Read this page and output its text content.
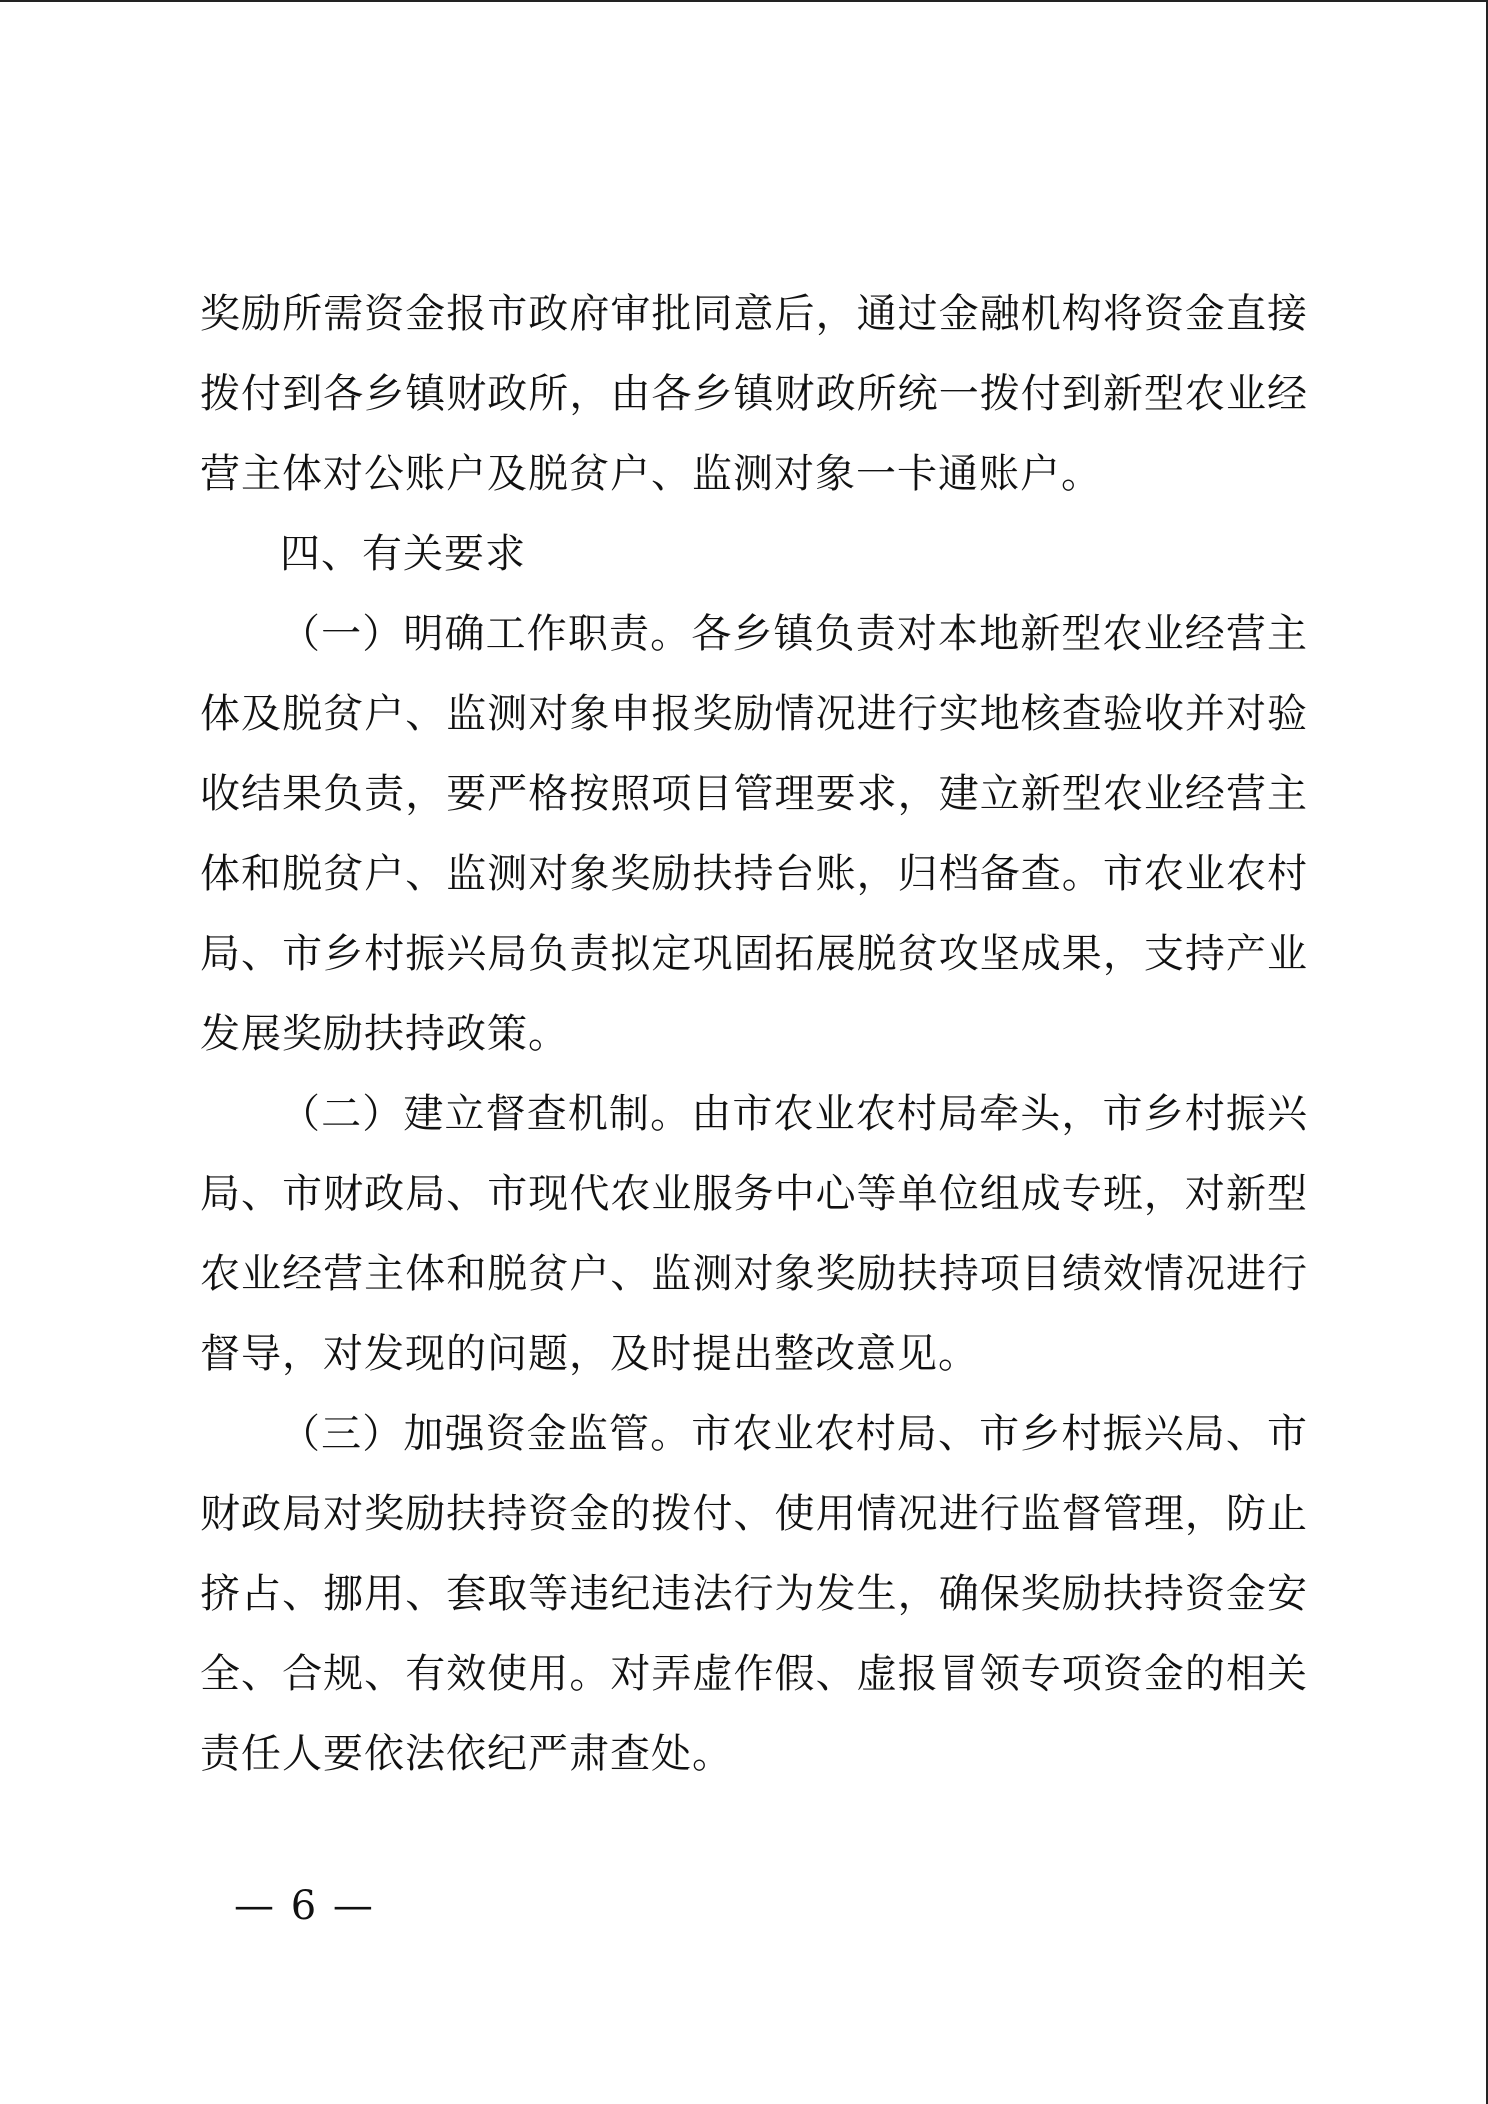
奖励所需资金报市政府审批同意后，通过金融机构将资金直接拨付到各乡镇财政所，由各乡镇财政所统一拨付到新型农业经营主体对公账户及脱贫户、监测对象一卡通账户。

四、有关要求

（一）明确工作职责。各乡镇负责对本地新型农业经营主体及脱贫户、监测对象申报奖励情况进行实地核查验收并对验收结果负责，要严格按照项目管理要求，建立新型农业经营主体和脱贫户、监测对象奖励扶持台账，归档备查。市农业农村局、市乡村振兴局负责拟定巩固拓展脱贫攻坚成果，支持产业发展奖励扶持政策。

（二）建立督查机制。由市农业农村局牵头，市乡村振兴局、市财政局、市现代农业服务中心等单位组成专班，对新型农业经营主体和脱贫户、监测对象奖励扶持项目绩效情况进行督导，对发现的问题，及时提出整改意见。

（三）加强资金监管。市农业农村局、市乡村振兴局、市财政局对奖励扶持资金的拨付、使用情况进行监督管理，防止挤占、挪用、套取等违纪违法行为发生，确保奖励扶持资金安全、合规、有效使用。对弄虚作假、虚报冒领专项资金的相关责任人要依法依纪严肃查处。

— 6 —
